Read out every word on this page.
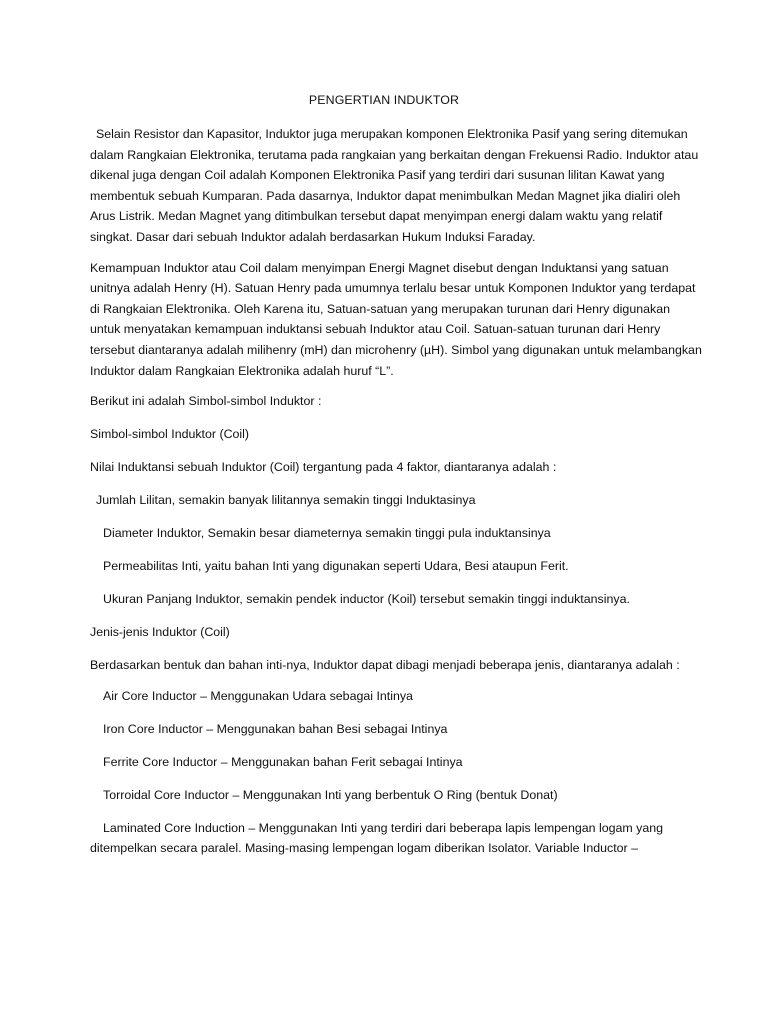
PENGERTIAN INDUKTOR

Selain Resistor dan Kapasitor, Induktor juga merupakan komponen Elektronika Pasif yang sering ditemukan dalam Rangkaian Elektronika, terutama pada rangkaian yang berkaitan dengan Frekuensi Radio. Induktor atau dikenal juga dengan Coil adalah Komponen Elektronika Pasif yang terdiri dari susunan lilitan Kawat yang membentuk sebuah Kumparan. Pada dasarnya, Induktor dapat menimbulkan Medan Magnet jika dialiri oleh Arus Listrik. Medan Magnet yang ditimbulkan tersebut dapat menyimpan energi dalam waktu yang relatif singkat. Dasar dari sebuah Induktor adalah berdasarkan Hukum Induksi Faraday.

Kemampuan Induktor atau Coil dalam menyimpan Energi Magnet disebut dengan Induktansi yang satuan unitnya adalah Henry (H). Satuan Henry pada umumnya terlalu besar untuk Komponen Induktor yang terdapat di Rangkaian Elektronika. Oleh Karena itu, Satuan-satuan yang merupakan turunan dari Henry digunakan untuk menyatakan kemampuan induktansi sebuah Induktor atau Coil. Satuan-satuan turunan dari Henry tersebut diantaranya adalah milihenry (mH) dan microhenry (µH). Simbol yang digunakan untuk melambangkan Induktor dalam Rangkaian Elektronika adalah huruf “L”.

Berikut ini adalah Simbol-simbol Induktor :

Simbol-simbol Induktor (Coil)

Nilai Induktansi sebuah Induktor (Coil) tergantung pada 4 faktor, diantaranya adalah :

Jumlah Lilitan, semakin banyak lilitannya semakin tinggi Induktasinya

Diameter Induktor, Semakin besar diameternya semakin tinggi pula induktansinya

Permeabilitas Inti, yaitu bahan Inti yang digunakan seperti Udara, Besi ataupun Ferit.

Ukuran Panjang Induktor, semakin pendek inductor (Koil) tersebut semakin tinggi induktansinya.

Jenis-jenis Induktor (Coil)

Berdasarkan bentuk dan bahan inti-nya, Induktor dapat dibagi menjadi beberapa jenis, diantaranya adalah :

Air Core Inductor – Menggunakan Udara sebagai Intinya

Iron Core Inductor – Menggunakan bahan Besi sebagai Intinya

Ferrite Core Inductor – Menggunakan bahan Ferit sebagai Intinya

Torroidal Core Inductor – Menggunakan Inti yang berbentuk O Ring (bentuk Donat)

Laminated Core Induction – Menggunakan Inti yang terdiri dari beberapa lapis lempengan logam yang ditempelkan secara paralel. Masing-masing lempengan logam diberikan Isolator. Variable Inductor –
